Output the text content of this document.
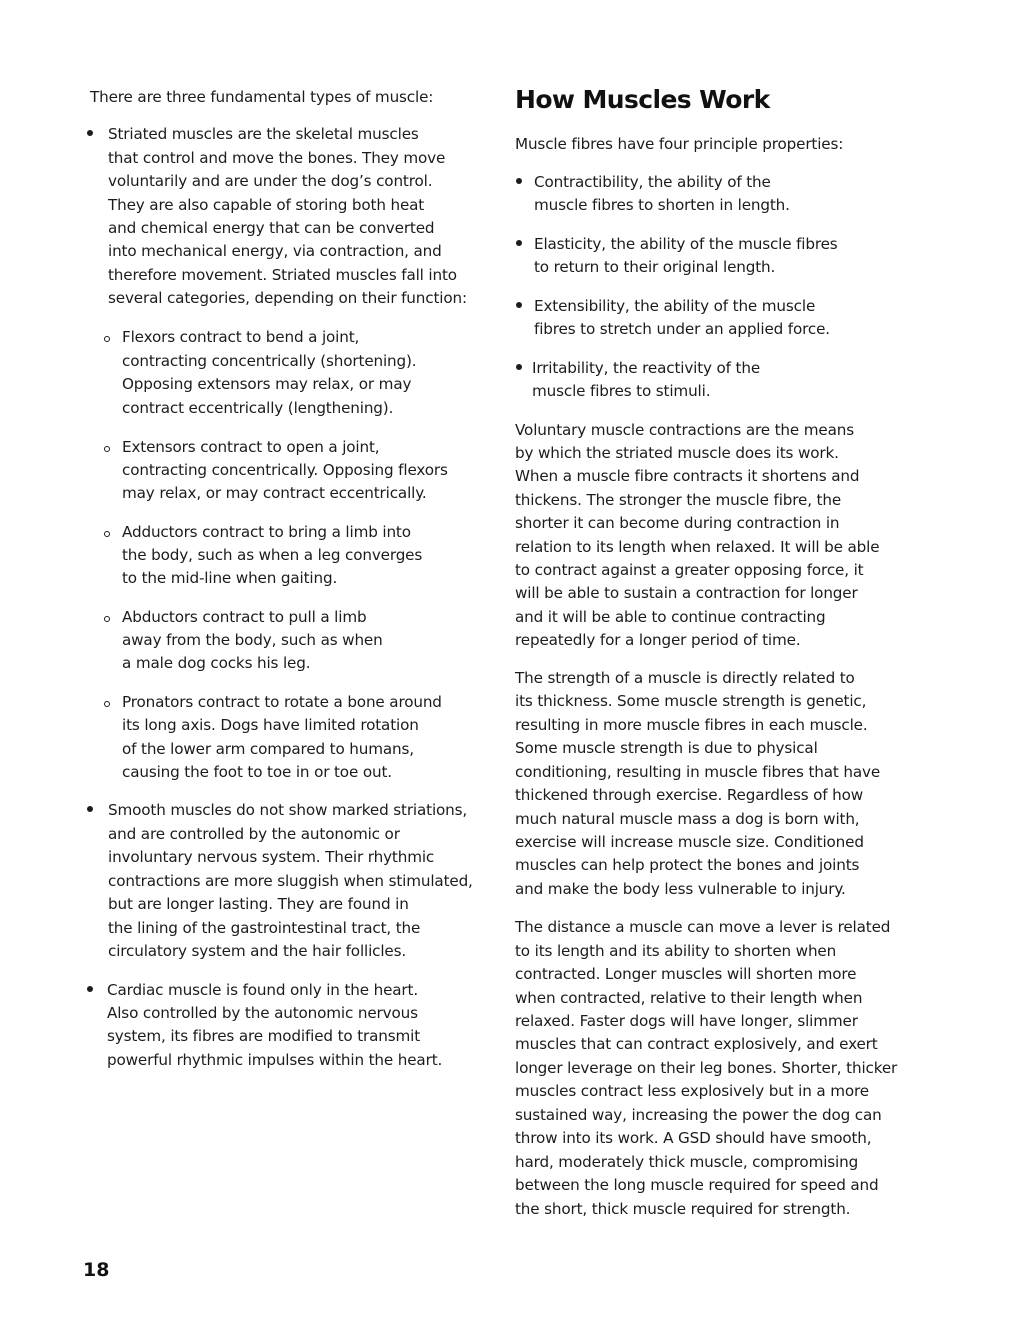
There are three fundamental types of muscle:
Striated muscles are the skeletal muscles
that control and move the bones. They move
voluntarily and are under the dog’s control.
They are also capable of storing both heat
and chemical energy that can be converted
into mechanical energy, via contraction, and
therefore movement. Striated muscles fall into
several categories, depending on their function:
Flexors contract to bend a joint,
contracting concentrically (shortening).
Opposing extensors may relax, or may
contract eccentrically (lengthening).
Extensors contract to open a joint,
contracting concentrically. Opposing flexors
may relax, or may contract eccentrically.
Adductors contract to bring a limb into
the body, such as when a leg converges
to the mid-line when gaiting.
Abductors contract to pull a limb
away from the body, such as when
a male dog cocks his leg.
Pronators contract to rotate a bone around
its long axis. Dogs have limited rotation
of the lower arm compared to humans,
causing the foot to toe in or toe out.
Smooth muscles do not show marked striations,
and are controlled by the autonomic or
involuntary nervous system. Their rhythmic
contractions are more sluggish when stimulated,
but are longer lasting. They are found in
the lining of the gastrointestinal tract, the
circulatory system and the hair follicles.
Cardiac muscle is found only in the heart.
Also controlled by the autonomic nervous
system, its fibres are modified to transmit
powerful rhythmic impulses within the heart.
How Muscles Work
Muscle fibres have four principle properties:
Contractibility, the ability of the
muscle fibres to shorten in length.
Elasticity, the ability of the muscle fibres
to return to their original length.
Extensibility, the ability of the muscle
fibres to stretch under an applied force.
Irritability, the reactivity of the
muscle fibres to stimuli.
Voluntary muscle contractions are the means
by which the striated muscle does its work.
When a muscle fibre contracts it shortens and
thickens. The stronger the muscle fibre, the
shorter it can become during contraction in
relation to its length when relaxed. It will be able
to contract against a greater opposing force, it
will be able to sustain a contraction for longer
and it will be able to continue contracting
repeatedly for a longer period of time.
The strength of a muscle is directly related to
its thickness. Some muscle strength is genetic,
resulting in more muscle fibres in each muscle.
Some muscle strength is due to physical
conditioning, resulting in muscle fibres that have
thickened through exercise. Regardless of how
much natural muscle mass a dog is born with,
exercise will increase muscle size. Conditioned
muscles can help protect the bones and joints
and make the body less vulnerable to injury.
The distance a muscle can move a lever is related
to its length and its ability to shorten when
contracted. Longer muscles will shorten more
when contracted, relative to their length when
relaxed. Faster dogs will have longer, slimmer
muscles that can contract explosively, and exert
longer leverage on their leg bones. Shorter, thicker
muscles contract less explosively but in a more
sustained way, increasing the power the dog can
throw into its work. A GSD should have smooth,
hard, moderately thick muscle, compromising
between the long muscle required for speed and
the short, thick muscle required for strength.
18
